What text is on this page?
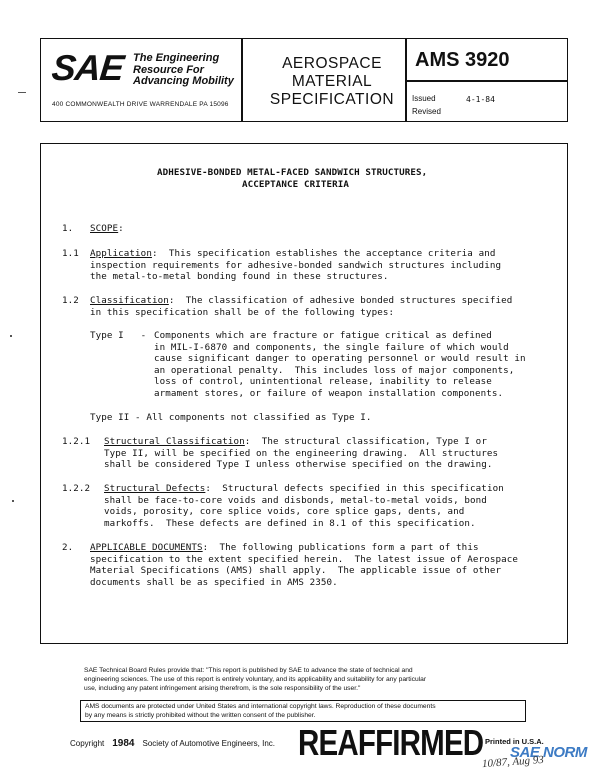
SAE The Engineering
Resource For
Advancing Mobility
400 COMMONWEALTH DRIVE WARRENDALE PA 15096
AEROSPACE
MATERIAL
SPECIFICATION
AMS 3920
Issued	4-1-84
Revised
ADHESIVE-BONDED METAL-FACED SANDWICH STRUCTURES,
ACCEPTANCE CRITERIA
1. SCOPE:
1.1 Application:  This specification establishes the acceptance criteria and
inspection requirements for adhesive-bonded sandwich structures including
the metal-to-metal bonding found in these structures.
1.2 Classification:  The classification of adhesive bonded structures specified
in this specification shall be of the following types:
Type I   - Components which are fracture or fatigue critical as defined
in MIL-I-6870 and components, the single failure of which would
cause significant danger to operating personnel or would result in
an operational penalty.  This includes loss of major components,
loss of control, unintentional release, inability to release
armament stores, or failure of weapon installation components.
Type II - All components not classified as Type I.
1.2.1 Structural Classification:  The structural classification, Type I or
Type II, will be specified on the engineering drawing.  All structures
shall be considered Type I unless otherwise specified on the drawing.
1.2.2 Structural Defects:  Structural defects specified in this specification
shall be face-to-core voids and disbonds, metal-to-metal voids, bond
voids, porosity, core splice voids, core splice gaps, dents, and
markoffs.  These defects are defined in 8.1 of this specification.
2. APPLICABLE DOCUMENTS:  The following publications form a part of this
specification to the extent specified herein.  The latest issue of Aerospace
Material Specifications (AMS) shall apply.  The applicable issue of other
documents shall be as specified in AMS 2350.
SAE Technical Board Rules provide that: "This report is published by SAE to advance the state of technical and
engineering sciences. The use of this report is entirely voluntary, and its applicability and suitability for any particular
use, including any patent infringement arising therefrom, is the sole responsibility of the user."
AMS documents are protected under United States and international copyright laws. Reproduction of these documents
by any means is strictly prohibited without the written consent of the publisher.
Copyright 1984 Society of Automotive Engineers, Inc. REAFFIRMED Printed in U.S.A.
SAE NORM
10/87, Aug 93
